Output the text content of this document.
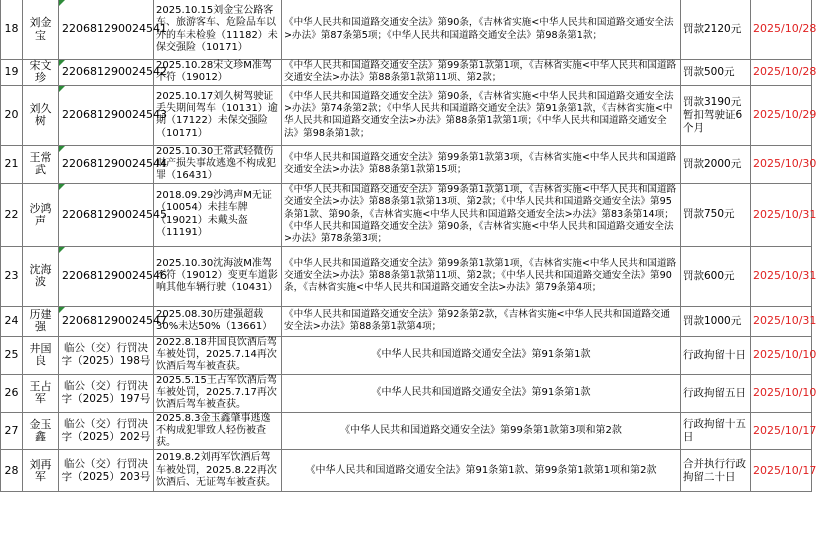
18	刘金宝	220681290024541	2025.10.15刘金宝公路客车、旅游客车、危险品车以外的车未检验（11182）未保交强险（10171）	《中华人民共和国道路交通安全法》第90条，《吉林省实施<中华人民共和国道路交通安全法>办法》第87条第5项；《中华人民共和国道路交通安全法》第98条第1款；	罚款2120元	2025/10/28
19	宋文珍	220681290024542	2025.10.28宋文珍M准驾不符（19012）	《中华人民共和国道路交通安全法》第99条第1款第1项，《吉林省实施<中华人民共和国道路交通安全法>办法》第88条第1款第11项、第2款；	罚款500元	2025/10/28
20	刘久树	220681290024543	2025.10.17刘久树驾驶证丢失期间驾车（10131）逾期（17122）未保交强险（10171）	《中华人民共和国道路交通安全法》第90条，《吉林省实施<中华人民共和国道路交通安全法>办法》第74条第2款；《中华人民共和国道路交通安全法》第91条第1款，《吉林省实施<中华人民共和国道路交通安全法>办法》第88条第1款第1项；《中华人民共和国道路交通安全法》第98条第1款；	罚款3190元暂扣驾驶证6个月	2025/10/29
21	王常武	220681290024544	2025.10.30王常武轻微伤财产损失事故逃逸不构成犯罪（16431）	《中华人民共和国道路交通安全法》第99条第1款第3项，《吉林省实施<中华人民共和国道路交通安全法>办法》第88条第1款第15项；	罚款2000元	2025/10/30
22	沙鸿声	220681290024545	2018.09.29沙鸿声M无证（10054）未挂车牌（19021）未戴头盔（11191）	《中华人民共和国道路交通安全法》第99条第1款第1项，《吉林省实施<中华人民共和国道路交通安全法>办法》第88条第1款第13项、第2款；《中华人民共和国道路交通安全法》第95条第1款、第90条，《吉林省实施<中华人民共和国道路交通安全法>办法》第83条第14项；《中华人民共和国道路交通安全法》第90条，《吉林省实施<中华人民共和国道路交通安全法>办法》第78条第3项；	罚款750元	2025/10/31
23	沈海波	220681290024546	2025.10.30沈海波M准驾不符（19012）变更车道影响其他车辆行驶（10431）	《中华人民共和国道路交通安全法》第99条第1款第1项，《吉林省实施<中华人民共和国道路交通安全法>办法》第88条第1款第11项、第2款；《中华人民共和国道路交通安全法》第90条，《吉林省实施<中华人民共和国道路交通安全法>办法》第79条第4项；	罚款600元	2025/10/31
24	历建强	220681290024547	2025.08.30历建强超载30%未达50%（13661）	《中华人民共和国道路交通安全法》第92条第2款，《吉林省实施<中华人民共和国道路交通安全法>办法》第88条第1款第4项；	罚款1000元	2025/10/31
25	井国良	临公（交）行罚决字（2025）198号	2022.8.18井国良饮酒后驾车被处罚，2025.7.14再次饮酒后驾车被查获。	《中华人民共和国道路交通安全法》第91条第1款	行政拘留十日	2025/10/10
26	王占军	临公（交）行罚决字（2025）197号	2025.5.15王占军饮酒后驾车被处罚，2025.7.17再次饮酒后驾车被查获。	《中华人民共和国道路交通安全法》第91条第1款	行政拘留五日	2025/10/10
27	金玉鑫	临公（交）行罚决字（2025）202号	2025.8.3金玉鑫肇事逃逸不构成犯罪致人轻伤被查获。	《中华人民共和国道路交通安全法》第99条第1款第3项和第2款	行政拘留十五日	2025/10/17
28	刘再军	临公（交）行罚决字（2025）203号	2019.8.2刘再军饮酒后驾车被处罚，2025.8.22再次饮酒后、无证驾车被查获。	《中华人民共和国道路交通安全法》第91条第1款、第99条第1款第1项和第2款	合并执行行政拘留二十日	2025/10/17
